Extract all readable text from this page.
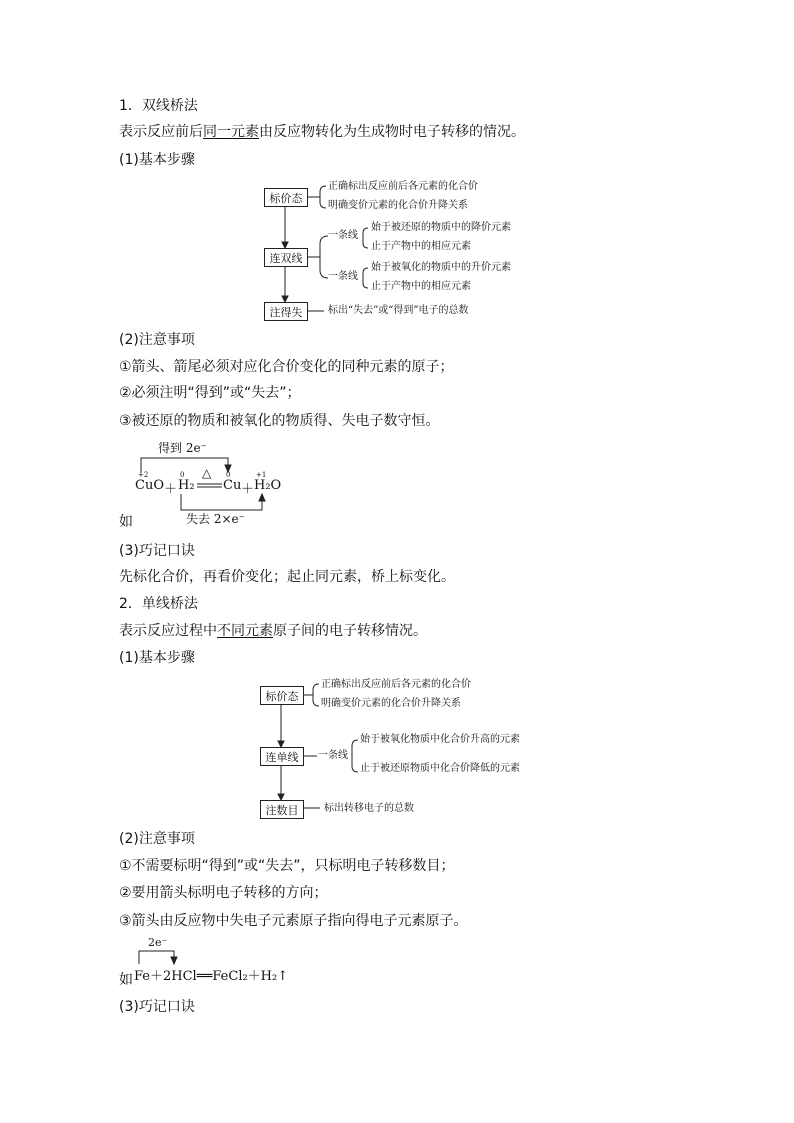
1．双线桥法
表示反应前后同一元素由反应物转化为生成物时电子转移的情况。
(1)基本步骤
标价态
正确标出反应前后各元素的化合价
明确变价元素的化合价升降关系
连双线
一条线
始于被还原的物质中的降价元素
止于产物中的相应元素
一条线
始于被氧化的物质中的升价元素
止于产物中的相应元素
注得失	标出“失去”或“得到”电子的总数
(2)注意事项
①箭头、箭尾必须对应化合价变化的同种元素的原子；
②必须注明“得到”或“失去”；
③被还原的物质和被氧化的物质得、失电子数守恒。
得到 2e⁻
+2	0	0	+1
CuO ＋ H₂
△
Cu ＋ H₂O
如	失去 2×e⁻
(3)巧记口诀
先标化合价，再看价变化；起止同元素，桥上标变化。
2．单线桥法
表示反应过程中不同元素原子间的电子转移情况。
(1)基本步骤
标价态
正确标出反应前后各元素的化合价
明确变价元素的化合价升降关系
连单线	一条线
始于被氧化物质中化合价升高的元素
止于被还原物质中化合价降低的元素
注数目	标出转移电子的总数
(2)注意事项
①不需要标明“得到”或“失去”，只标明电子转移数目；
②要用箭头标明电子转移的方向；
③箭头由反应物中失电子元素原子指向得电子元素原子。
2e⁻
如 Fe＋2HCl══FeCl₂＋H₂↑
(3)巧记口诀
